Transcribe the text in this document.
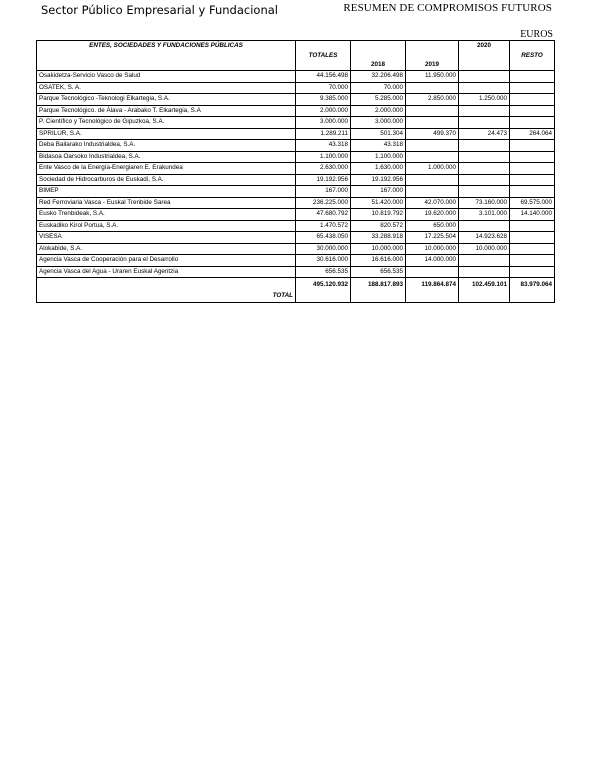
Sector Público Empresarial y Fundacional	RESUMEN DE COMPROMISOS FUTUROS
EUROS
ENTES, SOCIEDADES Y FUNDACIONES PÚBLICAS	TOTALES	2018	2019	2020	RESTO
Osakidetza-Servicio Vasco de Salud	44.156.498	32.206.498	11.950.000		
OSATEK, S. A.	70.000	70.000			
Parque Tecnológico -Teknologi Elkartegia, S.A.	9.385.000	5.285.000	2.850.000	1.250.000	
Parque Tecnológico. de Álava - Arabako T. Elkartegia, S.A	2.000.000	2.000.000			
P. Científico y Tecnológico de Gipuzkoa, S.A.	3.000.000	3.000.000			
SPRILUR, S.A.	1.289.211	501.304	499.370	24.473	264.064
Deba Bailarako Industrialdea, S.A.	43.318	43.318			
Bidasoa Oarsoko Industrialdea, S.A.	1.100.000	1.100.000			
Ente Vasco de la Energía-Energiaren E. Erakundea	2.630.000	1.630.000	1.000.000		
Sociedad de Hidrocarburos de Euskadi, S.A.	19.192.956	19.192.956			
BIMEP	167.000	167.000			
Red Ferroviaria Vasca - Euskal Trenbide Sarea	236.225.000	51.420.000	42.070.000	73.160.000	69.575.000
Eusko Trenbideak, S.A.	47.680.792	10.819.792	19.620.000	3.101.000	14.140.000
Euskadiko Kirol Portua, S.A.	1.470.572	820.572	650.000		
VISESA	65.438.050	33.288.918	17.225.504	14.923.628	
Alokabide, S.A.	30.000.000	10.000.000	10.000.000	10.000.000	
Agencia Vasca de Cooperación para el Desarrollo	30.616.000	16.616.000	14.000.000		
Agencia Vasca del Agua - Uraren Euskal Agentzia	656.535	656.535			
TOTAL	495.120.932	188.817.893	119.864.874	102.459.101	83.979.064
